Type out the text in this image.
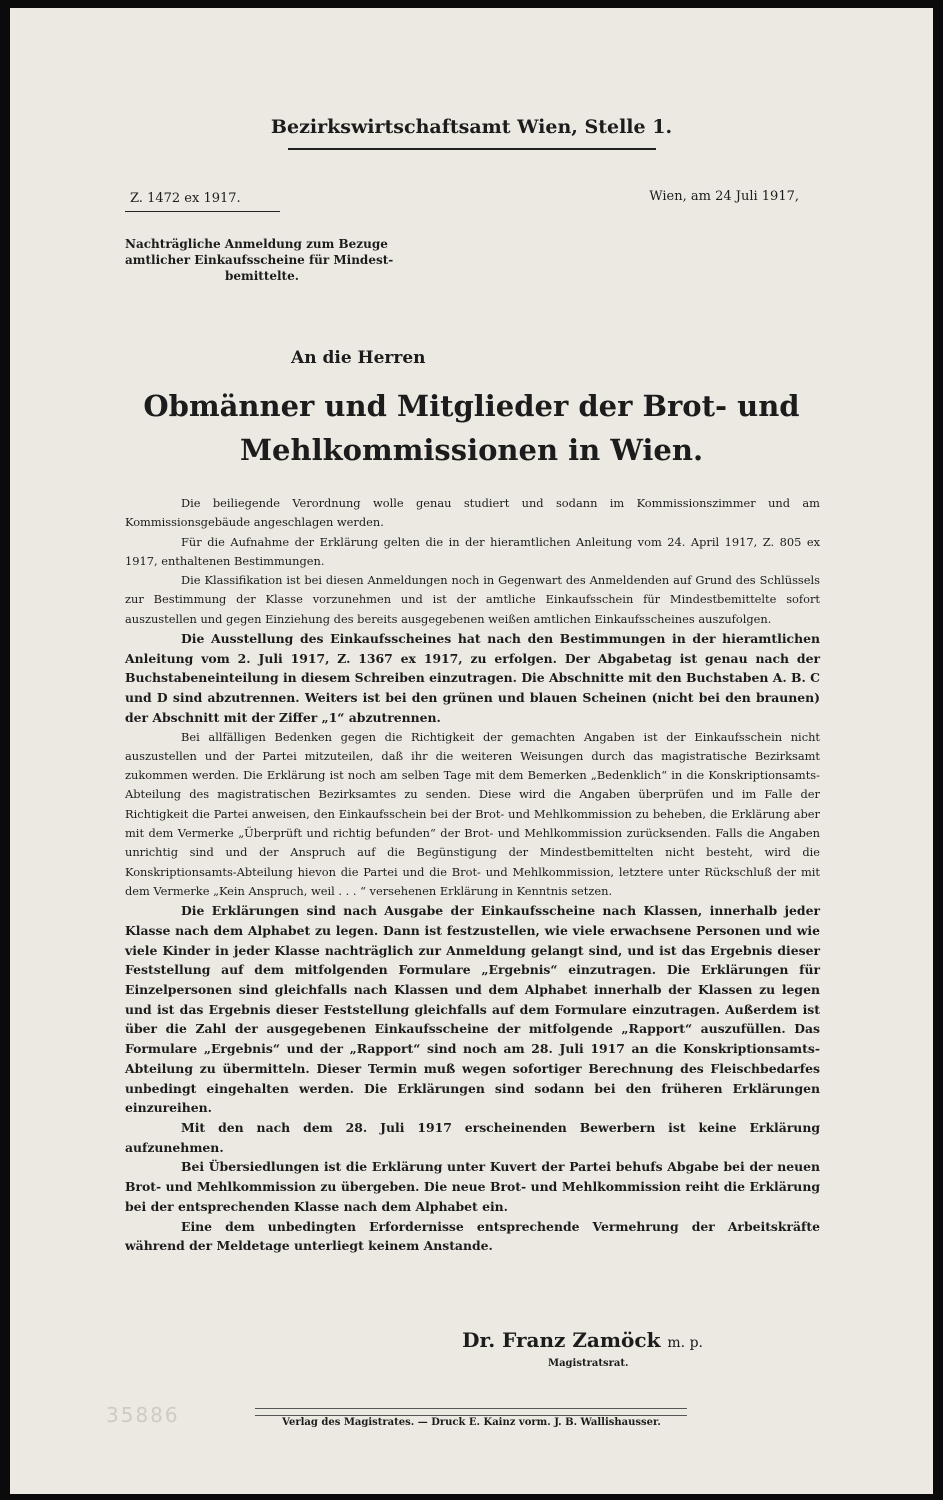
Bezirkswirtschaftsamt Wien, Stelle 1.
Z. 1472 ex 1917.	Wien, am 24 Juli 1917,
Nachträgliche Anmeldung zum Bezuge
amtlicher Einkaufsscheine für Mindest-

bemittelte.
An die Herren
Obmänner und Mitglieder der Brot- und
Mehlkommissionen in Wien.

Die beiliegende Verordnung wolle genau studiert und sodann im Kommissionszimmer und am Kommissionsgebäude angeschlagen werden.

Für die Aufnahme der Erklärung gelten die in der hieramtlichen Anleitung vom 24. April 1917, Z. 805 ex 1917, enthaltenen Bestimmungen.

Die Klassifikation ist bei diesen Anmeldungen noch in Gegenwart des Anmeldenden auf Grund des Schlüssels zur Bestimmung der Klasse vorzunehmen und ist der amtliche Einkaufsschein für Mindestbemittelte sofort auszustellen und gegen Einziehung des bereits ausgegebenen weißen amtlichen Einkaufsscheines auszufolgen.

Die Ausstellung des Einkaufsscheines hat nach den Bestimmungen in der hieramtlichen Anleitung vom 2. Juli 1917, Z. 1367 ex 1917, zu erfolgen. Der Abgabetag ist genau nach der Buchstabeneinteilung in diesem Schreiben einzutragen. Die Abschnitte mit den Buchstaben A. B. C und D sind abzutrennen. Weiters ist bei den grünen und blauen Scheinen (nicht bei den braunen) der Abschnitt mit der Ziffer „1“ abzutrennen.

Bei allfälligen Bedenken gegen die Richtigkeit der gemachten Angaben ist der Einkaufsschein nicht auszustellen und der Partei mitzuteilen, daß ihr die weiteren Weisungen durch das magistratische Bezirksamt zukommen werden. Die Erklärung ist noch am selben Tage mit dem Bemerken „Bedenklich“ in die Konskriptionsamts-Abteilung des magistratischen Bezirksamtes zu senden. Diese wird die Angaben überprüfen und im Falle der Richtigkeit die Partei anweisen, den Einkaufsschein bei der Brot- und Mehlkommission zu beheben, die Erklärung aber mit dem Vermerke „Überprüft und richtig befunden“ der Brot- und Mehlkommission zurücksenden. Falls die Angaben unrichtig sind und der Anspruch auf die Begünstigung der Mindestbemittelten nicht besteht, wird die Konskriptionsamts-Abteilung hievon die Partei und die Brot- und Mehlkommission, letztere unter Rückschluß der mit dem Vermerke „Kein Anspruch, weil . . . “ versehenen Erklärung in Kenntnis setzen.

Die Erklärungen sind nach Ausgabe der Einkaufsscheine nach Klassen, innerhalb jeder Klasse nach dem Alphabet zu legen. Dann ist festzustellen, wie viele erwachsene Personen und wie viele Kinder in jeder Klasse nachträglich zur Anmeldung gelangt sind, und ist das Ergebnis dieser Feststellung auf dem mitfolgenden Formulare „Ergebnis“ einzutragen. Die Erklärungen für Einzelpersonen sind gleichfalls nach Klassen und dem Alphabet innerhalb der Klassen zu legen und ist das Ergebnis dieser Feststellung gleichfalls auf dem Formulare einzutragen. Außerdem ist über die Zahl der ausgegebenen Einkaufsscheine der mitfolgende „Rapport“ auszufüllen. Das Formulare „Ergebnis“ und der „Rapport“ sind noch am 28. Juli 1917 an die Konskriptionsamts-Abteilung zu übermitteln. Dieser Termin muß wegen sofortiger Berechnung des Fleischbedarfes unbedingt eingehalten werden. Die Erklärungen sind sodann bei den früheren Erklärungen einzureihen.

Mit den nach dem 28. Juli 1917 erscheinenden Bewerbern ist keine Erklärung aufzunehmen.

Bei Übersiedlungen ist die Erklärung unter Kuvert der Partei behufs Abgabe bei der neuen Brot- und Mehlkommission zu übergeben. Die neue Brot- und Mehlkommission reiht die Erklärung bei der entsprechenden Klasse nach dem Alphabet ein.

Eine dem unbedingten Erfordernisse entsprechende Vermehrung der Arbeitskräfte während der Meldetage unterliegt keinem Anstande.

Dr. Franz Zamöck m. p.
Magistratsrat.
35886	Verlag des Magistrates. — Druck E. Kainz vorm. J. B. Wallishausser.
